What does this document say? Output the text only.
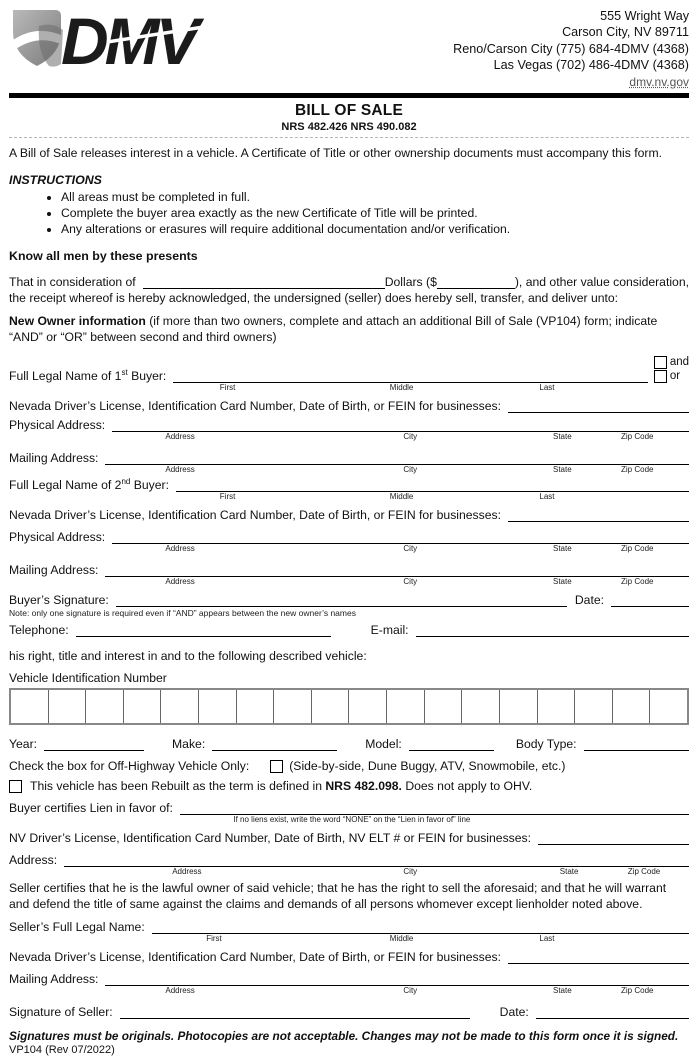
DMV	555 Wright Way
Carson City, NV 89711
Reno/Carson City (775) 684-4DMV (4368)
Las Vegas (702) 486-4DMV (4368)
dmv.nv.gov
BILL OF SALE
NRS 482.426 NRS 490.082
A Bill of Sale releases interest in a vehicle. A Certificate of Title or other ownership documents must accompany this form.
INSTRUCTIONS
• All areas must be completed in full.
• Complete the buyer area exactly as the new Certificate of Title will be printed.
• Any alterations or erasures will require additional documentation and/or verification.
Know all men by these presents
That in consideration of	Dollars ($	), and other value consideration,
the receipt whereof is hereby acknowledged, the undersigned (seller) does hereby sell, transfer, and deliver unto:
New Owner information (if more than two owners, complete and attach an additional Bill of Sale (VP104) form; indicate “AND” or “OR” between second and third owners)
Full Legal Name of 1st Buyer:
and
or
First	Middle	Last
Nevada Driver’s License, Identification Card Number, Date of Birth, or FEIN for businesses:
Physical Address:
Address	City	State	Zip Code
Mailing Address:
Address	City	State	Zip Code
Full Legal Name of 2nd Buyer:
First	Middle	Last
Nevada Driver’s License, Identification Card Number, Date of Birth, or FEIN for businesses:
Physical Address:
Address	City	State	Zip Code
Mailing Address:
Address	City	State	Zip Code
Buyer’s Signature:	Date:
Note: only one signature is required even if “AND” appears between the new owner’s names
Telephone:	E-mail:
his right, title and interest in and to the following described vehicle:
Vehicle Identification Number
Year:	Make:	Model:	Body Type:
Check the box for Off-Highway Vehicle Only:	(Side-by-side, Dune Buggy, ATV, Snowmobile, etc.)
This vehicle has been Rebuilt as the term is defined in NRS 482.098. Does not apply to OHV.
Buyer certifies Lien in favor of:
If no liens exist, write the word “NONE” on the “Lien in favor of” line
NV Driver’s License, Identification Card Number, Date of Birth, NV ELT # or FEIN for businesses:
Address:
Address	City	State	Zip Code
Seller certifies that he is the lawful owner of said vehicle; that he has the right to sell the aforesaid; and that he will warrant and defend the title of same against the claims and demands of all persons whomever except lienholder noted above.
Seller’s Full Legal Name:
First	Middle	Last
Nevada Driver’s License, Identification Card Number, Date of Birth, or FEIN for businesses:
Mailing Address:
Address	City	State	Zip Code
Signature of Seller:	Date:
Signatures must be originals. Photocopies are not acceptable. Changes may not be made to this form once it is signed.
VP104 (Rev 07/2022)
